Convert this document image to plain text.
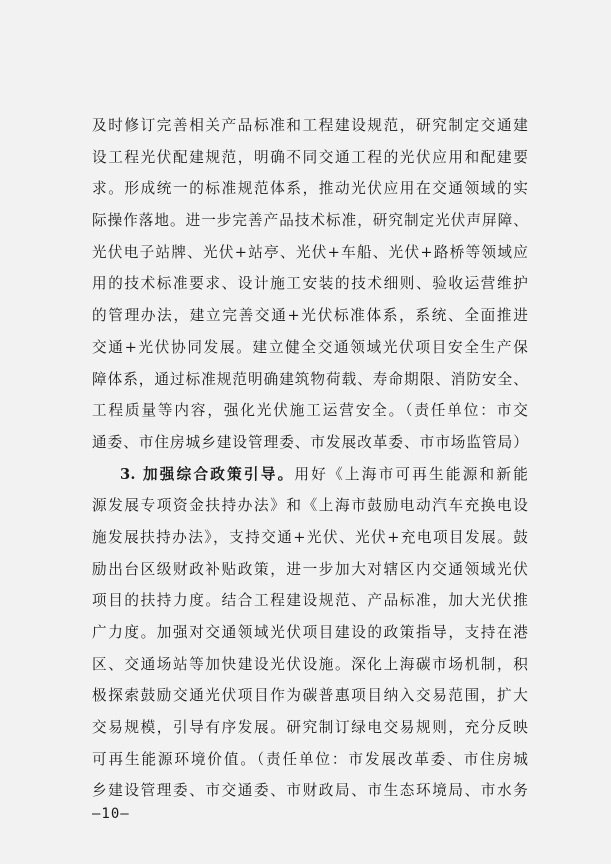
及时修订完善相关产品标准和工程建设规范，研究制定交通建
设工程光伏配建规范，明确不同交通工程的光伏应用和配建要
求。形成统一的标准规范体系，推动光伏应用在交通领域的实
际操作落地。进一步完善产品技术标准，研究制定光伏声屏障、
光伏电子站牌、光伏+站亭、光伏+车船、光伏+路桥等领域应
用的技术标准要求、设计施工安装的技术细则、验收运营维护
的管理办法，建立完善交通+光伏标准体系，系统、全面推进
交通+光伏协同发展。建立健全交通领域光伏项目安全生产保
障体系，通过标准规范明确建筑物荷载、寿命期限、消防安全、
工程质量等内容，强化光伏施工运营安全。（责任单位：市交
通委、市住房城乡建设管理委、市发展改革委、市市场监管局）
3. 加强综合政策引导。用好《上海市可再生能源和新能
源发展专项资金扶持办法》和《上海市鼓励电动汽车充换电设
施发展扶持办法》，支持交通+光伏、光伏+充电项目发展。鼓
励出台区级财政补贴政策，进一步加大对辖区内交通领域光伏
项目的扶持力度。结合工程建设规范、产品标准，加大光伏推
广力度。加强对交通领域光伏项目建设的政策指导，支持在港
区、交通场站等加快建设光伏设施。深化上海碳市场机制，积
极探索鼓励交通光伏项目作为碳普惠项目纳入交易范围，扩大
交易规模，引导有序发展。研究制订绿电交易规则，充分反映
可再生能源环境价值。（责任单位：市发展改革委、市住房城
乡建设管理委、市交通委、市财政局、市生态环境局、市水务
—10—
